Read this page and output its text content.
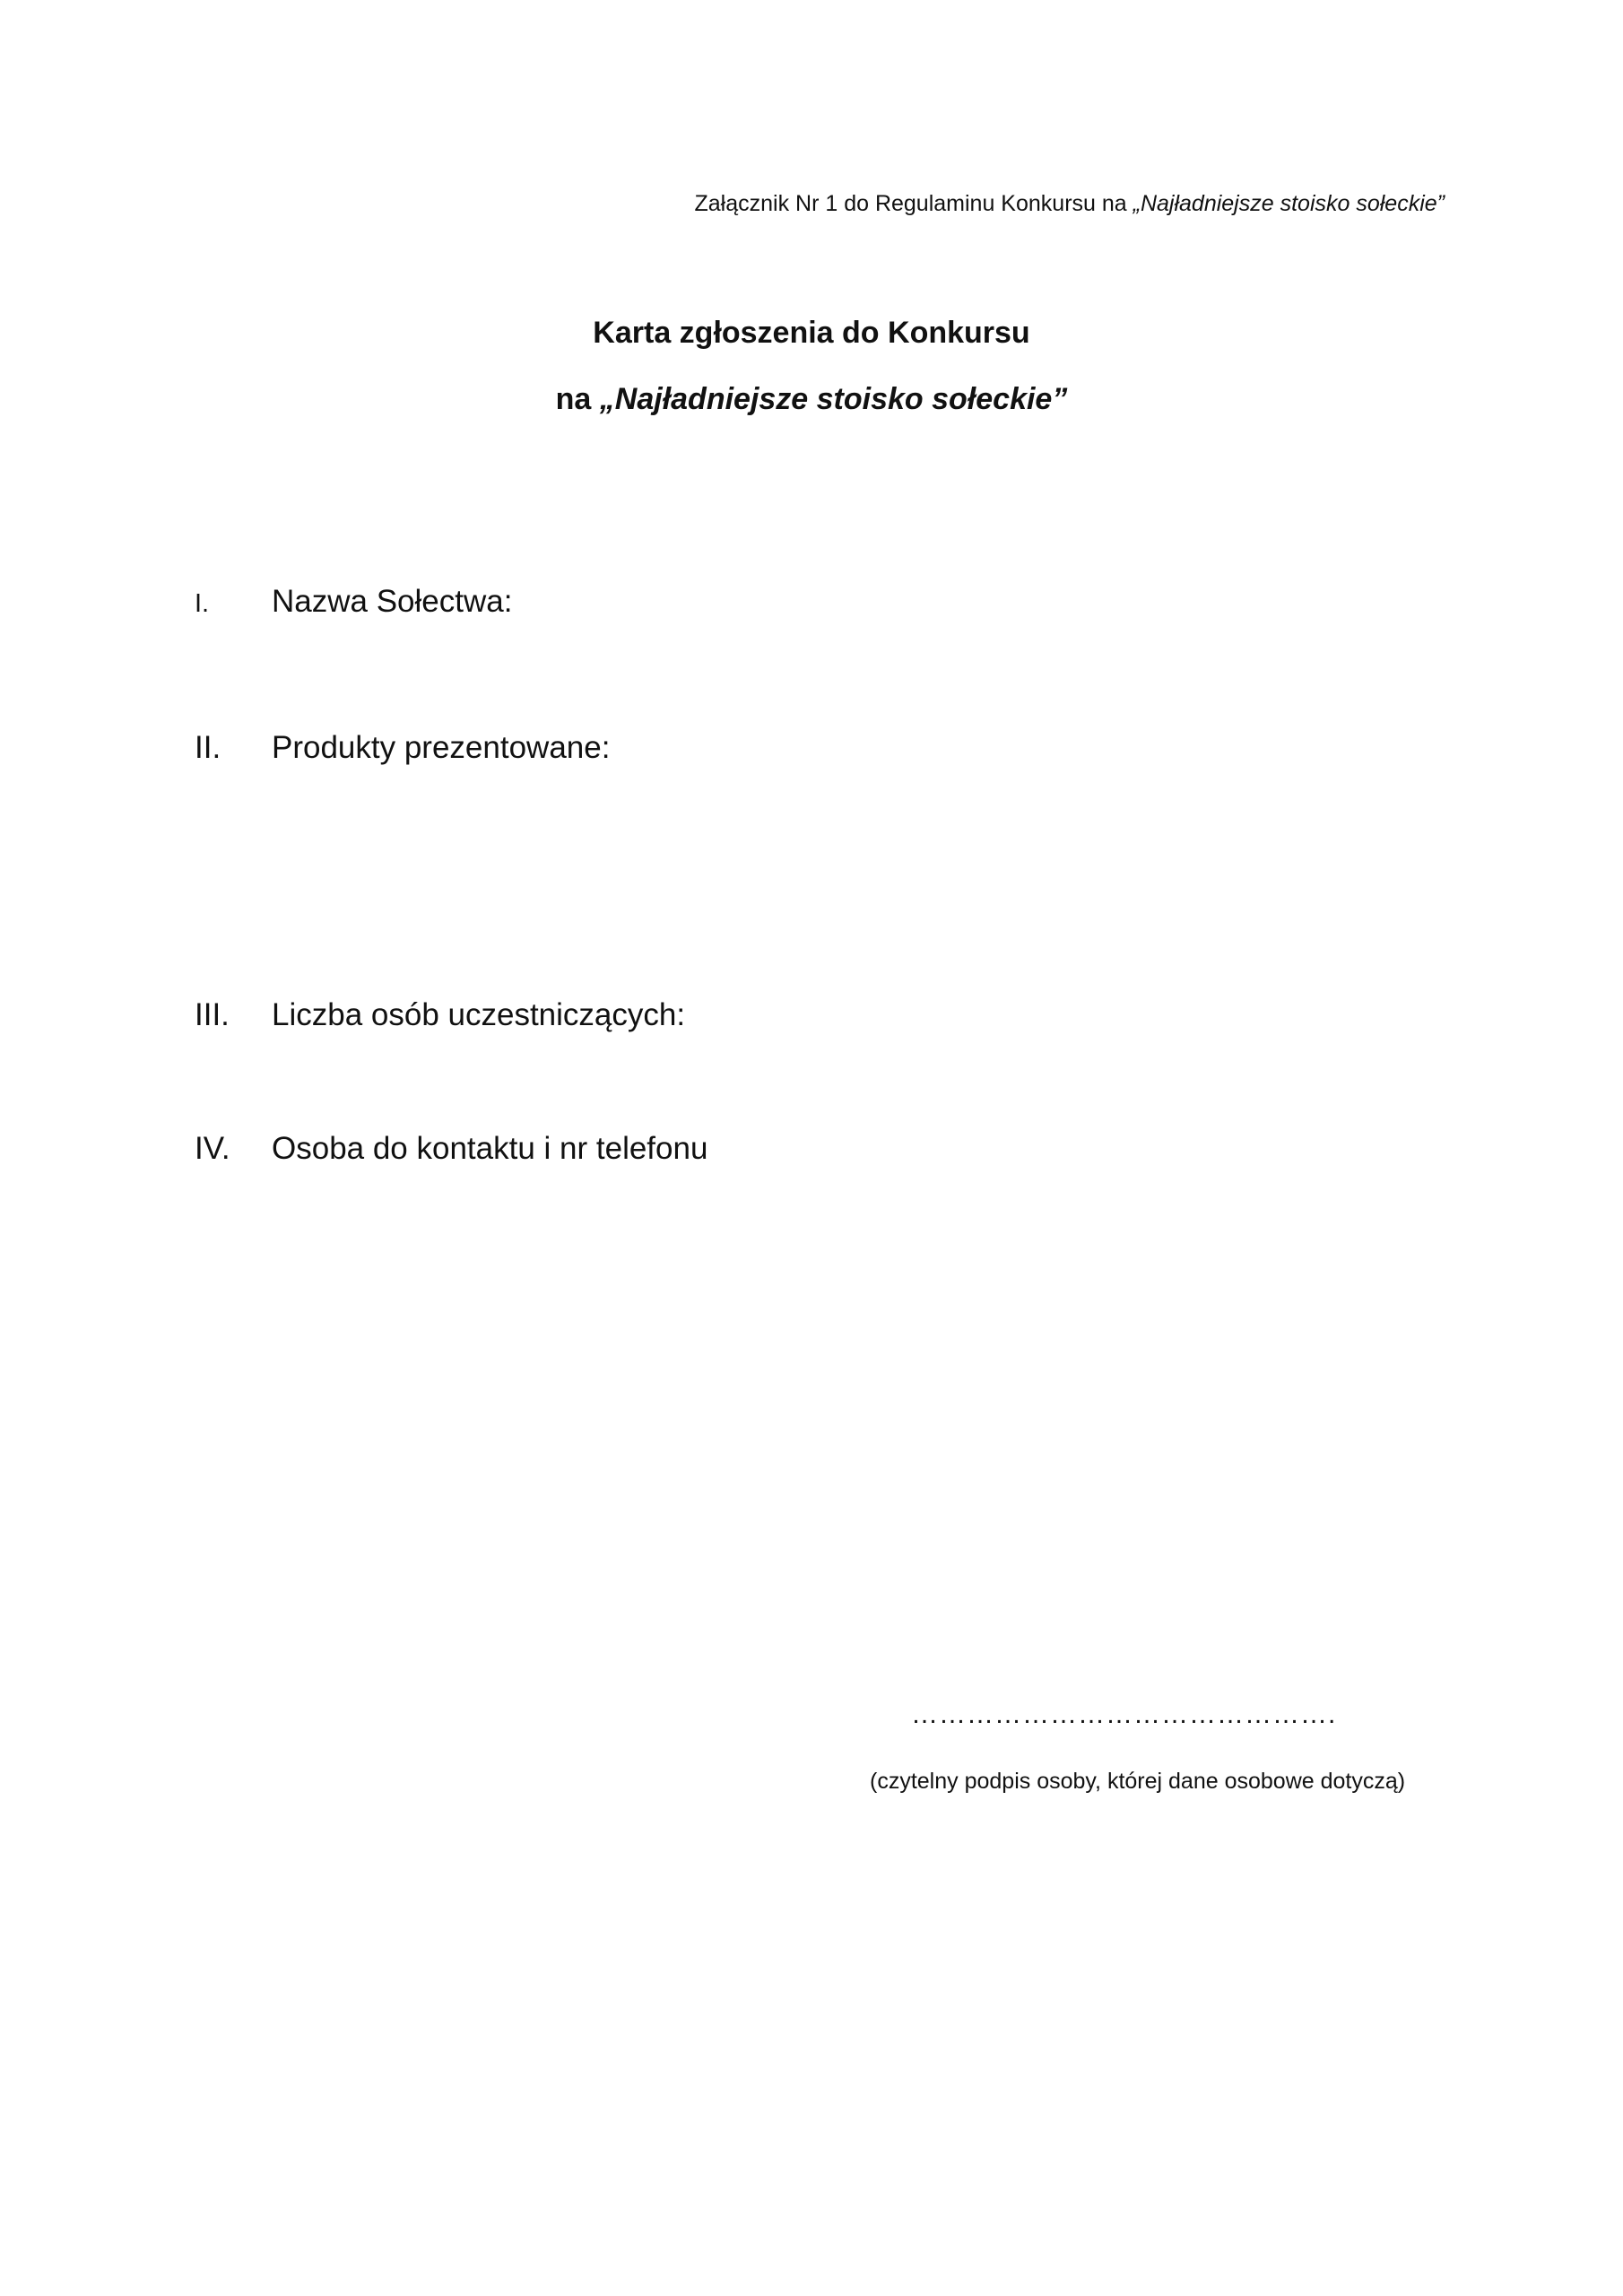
Załącznik Nr 1 do Regulaminu Konkursu na „Najładniejsze stoisko sołeckie”
Karta zgłoszenia do Konkursu
na „Najładniejsze stoisko sołeckie”
I. Nazwa Sołectwa:
II. Produkty prezentowane:
III. Liczba osób uczestniczących:
IV. Osoba do kontaktu i nr telefonu
……………………………………….
(czytelny podpis osoby, której dane osobowe dotyczą)
